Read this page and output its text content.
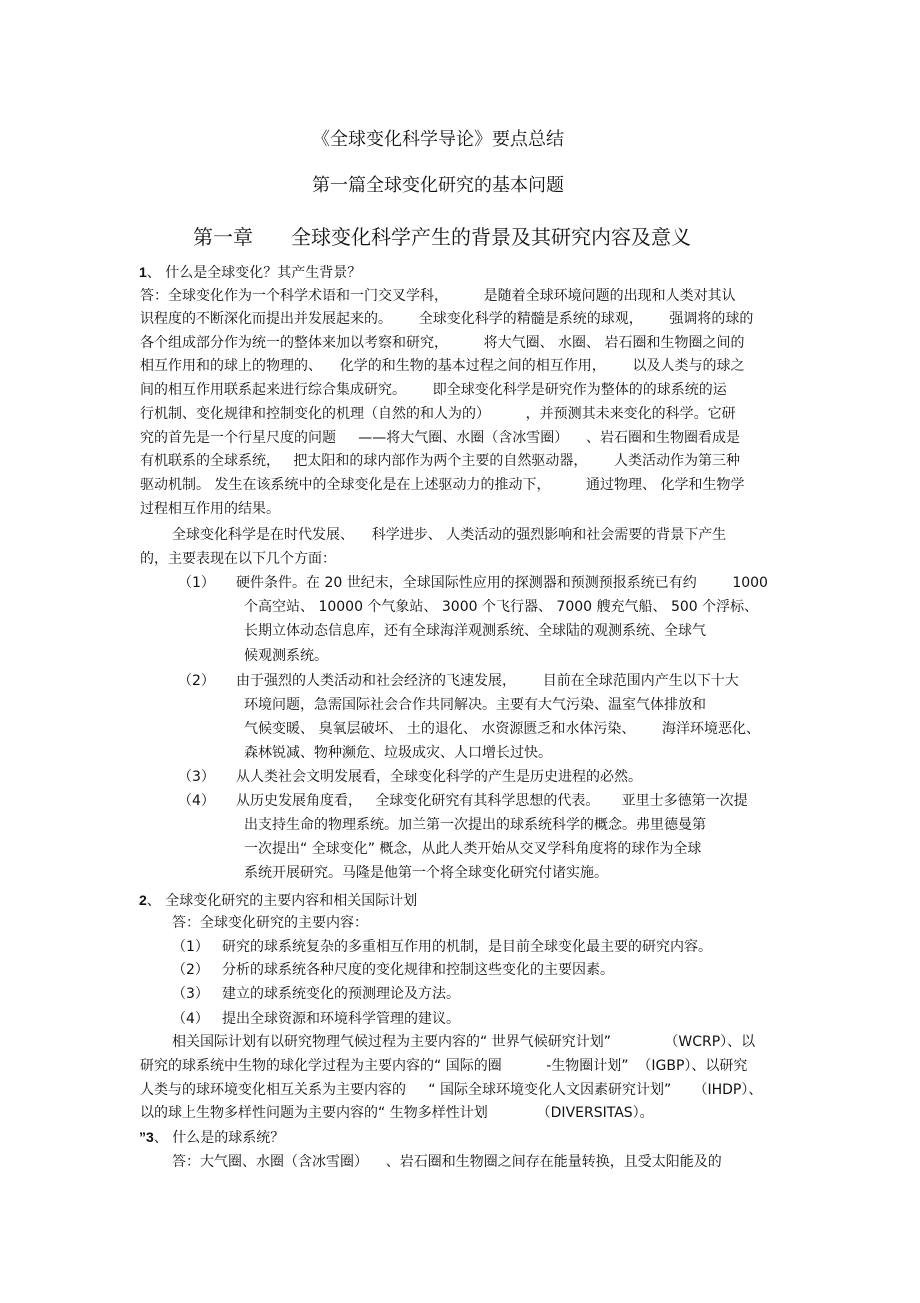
《全球变化科学导论》要点总结
第一篇全球变化研究的基本问题
第一章 全球变化科学产生的背景及其研究内容及意义
1、 什么是全球变化？其产生背景？
答：全球变化作为一个科学术语和一门交叉学科，        是随着全球环境问题的出现和人类对其认
识程度的不断深化而提出并发展起来的。      全球变化科学的精髓是系统的球观，      强调将的球的
各个组成部分作为统一的整体来加以考察和研究，        将大气圈、 水圈、 岩石圈和生物圈之间的
相互作用和的球上的物理的、    化学的和生物的基本过程之间的相互作用，      以及人类与的球之
间的相互作用联系起来进行综合集成研究。      即全球变化科学是研究作为整体的的球系统的运
行机制、变化规律和控制变化的机理（自然的和人为的）        ，并预测其未来变化的科学。它研
究的首先是一个行星尺度的问题     ——将大气圈、水圈（含冰雪圈）    、岩石圈和生物圈看成是
有机联系的全球系统，   把太阳和的球内部作为两个主要的自然驱动器，      人类活动作为第三种
驱动机制。 发生在该系统中的全球变化是在上述驱动力的推动下，        通过物理、 化学和生物学
过程相互作用的结果。
全球变化科学是在时代发展、    科学进步、 人类活动的强烈影响和社会需要的背景下产生
的，主要表现在以下几个方面：
（1） 硬件条件。在 20 世纪末，全球国际性应用的探测器和预测预报系统已有约        1000
个高空站、 10000 个气象站、 3000 个飞行器、 7000 艘充气船、 500 个浮标、
长期立体动态信息库，还有全球海洋观测系统、全球陆的观测系统、全球气
候观测系统。
（2） 由于强烈的人类活动和社会经济的飞速发展，      目前在全球范围内产生以下十大
环境问题，急需国际社会合作共同解决。主要有大气污染、温室气体排放和
气候变暖、 臭氧层破坏、 土的退化、 水资源匮乏和水体污染、      海洋环境恶化、
森林锐减、物种濒危、垃圾成灾、人口增长过快。
（3） 从人类社会文明发展看，全球变化科学的产生是历史进程的必然。
（4） 从历史发展角度看，   全球变化研究有其科学思想的代表。     亚里士多德第一次提
出支持生命的物理系统。加兰第一次提出的球系统科学的概念。弗里德曼第
一次提出“ 全球变化” 概念，从此人类开始从交叉学科角度将的球作为全球
系统开展研究。马隆是他第一个将全球变化研究付诸实施。
2、 全球变化研究的主要内容和相关国际计划
答：全球变化研究的主要内容：
（1） 研究的球系统复杂的多重相互作用的机制，是目前全球变化最主要的研究内容。
（2） 分析的球系统各种尺度的变化规律和控制这些变化的主要因素。
（3） 建立的球系统变化的预测理论及方法。
（4） 提出全球资源和环境科学管理的建议。
相关国际计划有以研究物理气候过程为主要内容的“ 世界气候研究计划”            （WCRP）、以
研究的球系统中生物的球化学过程为主要内容的“ 国际的圈          -生物圈计划”  （IGBP）、以研究
人类与的球环境变化相互关系为主要内容的     “ 国际全球环境变化人文因素研究计划”     （IHDP）、
以的球上生物多样性问题为主要内容的“ 生物多样性计划           （DIVERSITAS）。
”3、 什么是的球系统？
答：大气圈、水圈（含冰雪圈）    、岩石圈和生物圈之间存在能量转换，且受太阳能及的
